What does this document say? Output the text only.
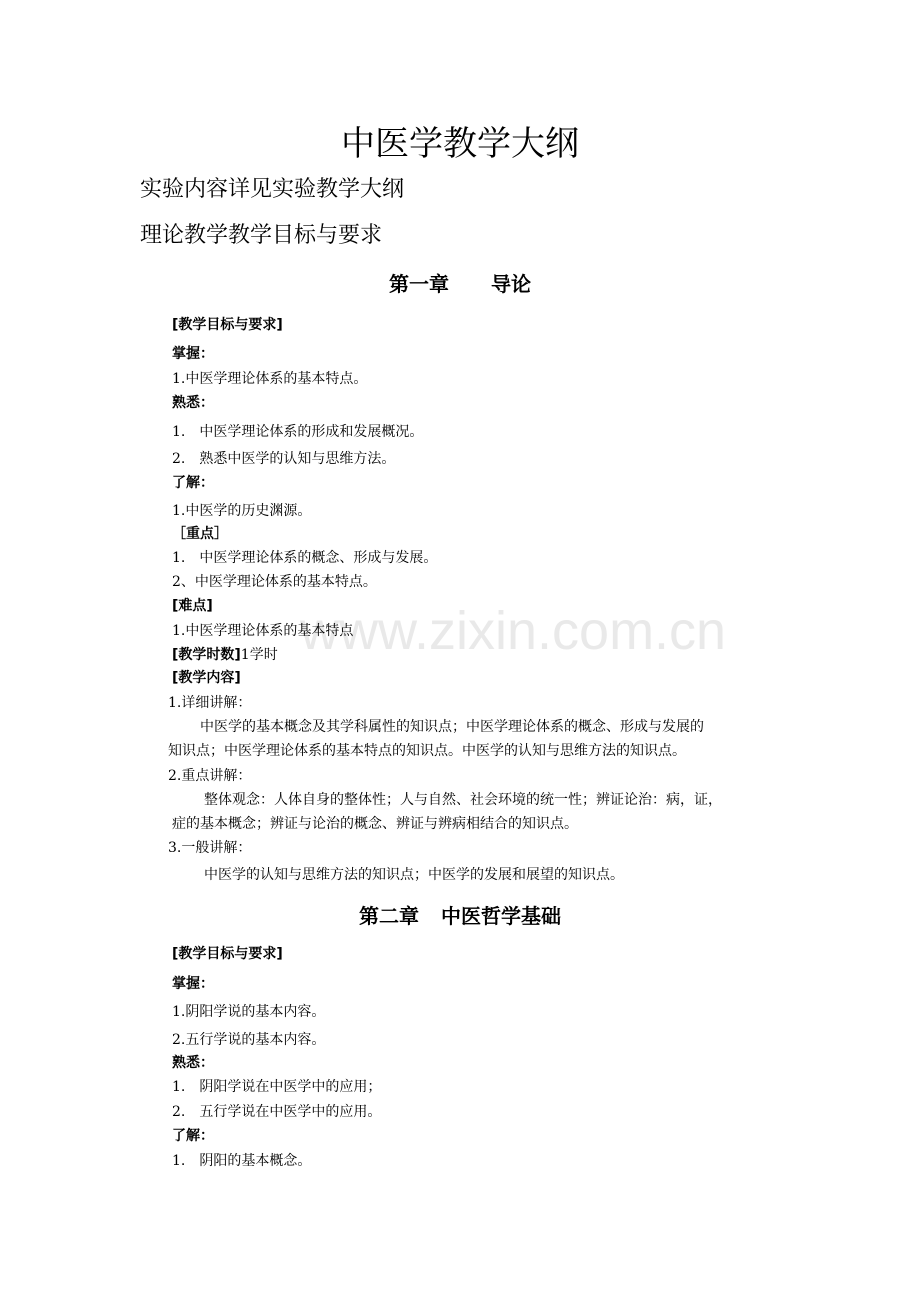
www.zixin.com.cn
中医学教学大纲
实验内容详见实验教学大纲
理论教学教学目标与要求
第一章 导论
[教学目标与要求]
掌握：
1.中医学理论体系的基本特点。
熟悉：
1.　中医学理论体系的形成和发展概况。
2.　熟悉中医学的认知与思维方法。
了解：
1.中医学的历史渊源。
［重点］
1.　中医学理论体系的概念、形成与发展。
2、中医学理论体系的基本特点。
[难点]
1.中医学理论体系的基本特点
[教学时数]1学时
[教学内容]
1.详细讲解：
中医学的基本概念及其学科属性的知识点；中医学理论体系的概念、形成与发展的
知识点；中医学理论体系的基本特点的知识点。中医学的认知与思维方法的知识点。
2.重点讲解：
整体观念：人体自身的整体性；人与自然、社会环境的统一性；辨证论治：病，证，
症的基本概念；辨证与论治的概念、辨证与辨病相结合的知识点。
3.一般讲解：
中医学的认知与思维方法的知识点；中医学的发展和展望的知识点。
第二章 中医哲学基础
[教学目标与要求]
掌握：
1.阴阳学说的基本内容。
2.五行学说的基本内容。
熟悉：
1.　阴阳学说在中医学中的应用；
2.　五行学说在中医学中的应用。
了解：
1.　阴阳的基本概念。
